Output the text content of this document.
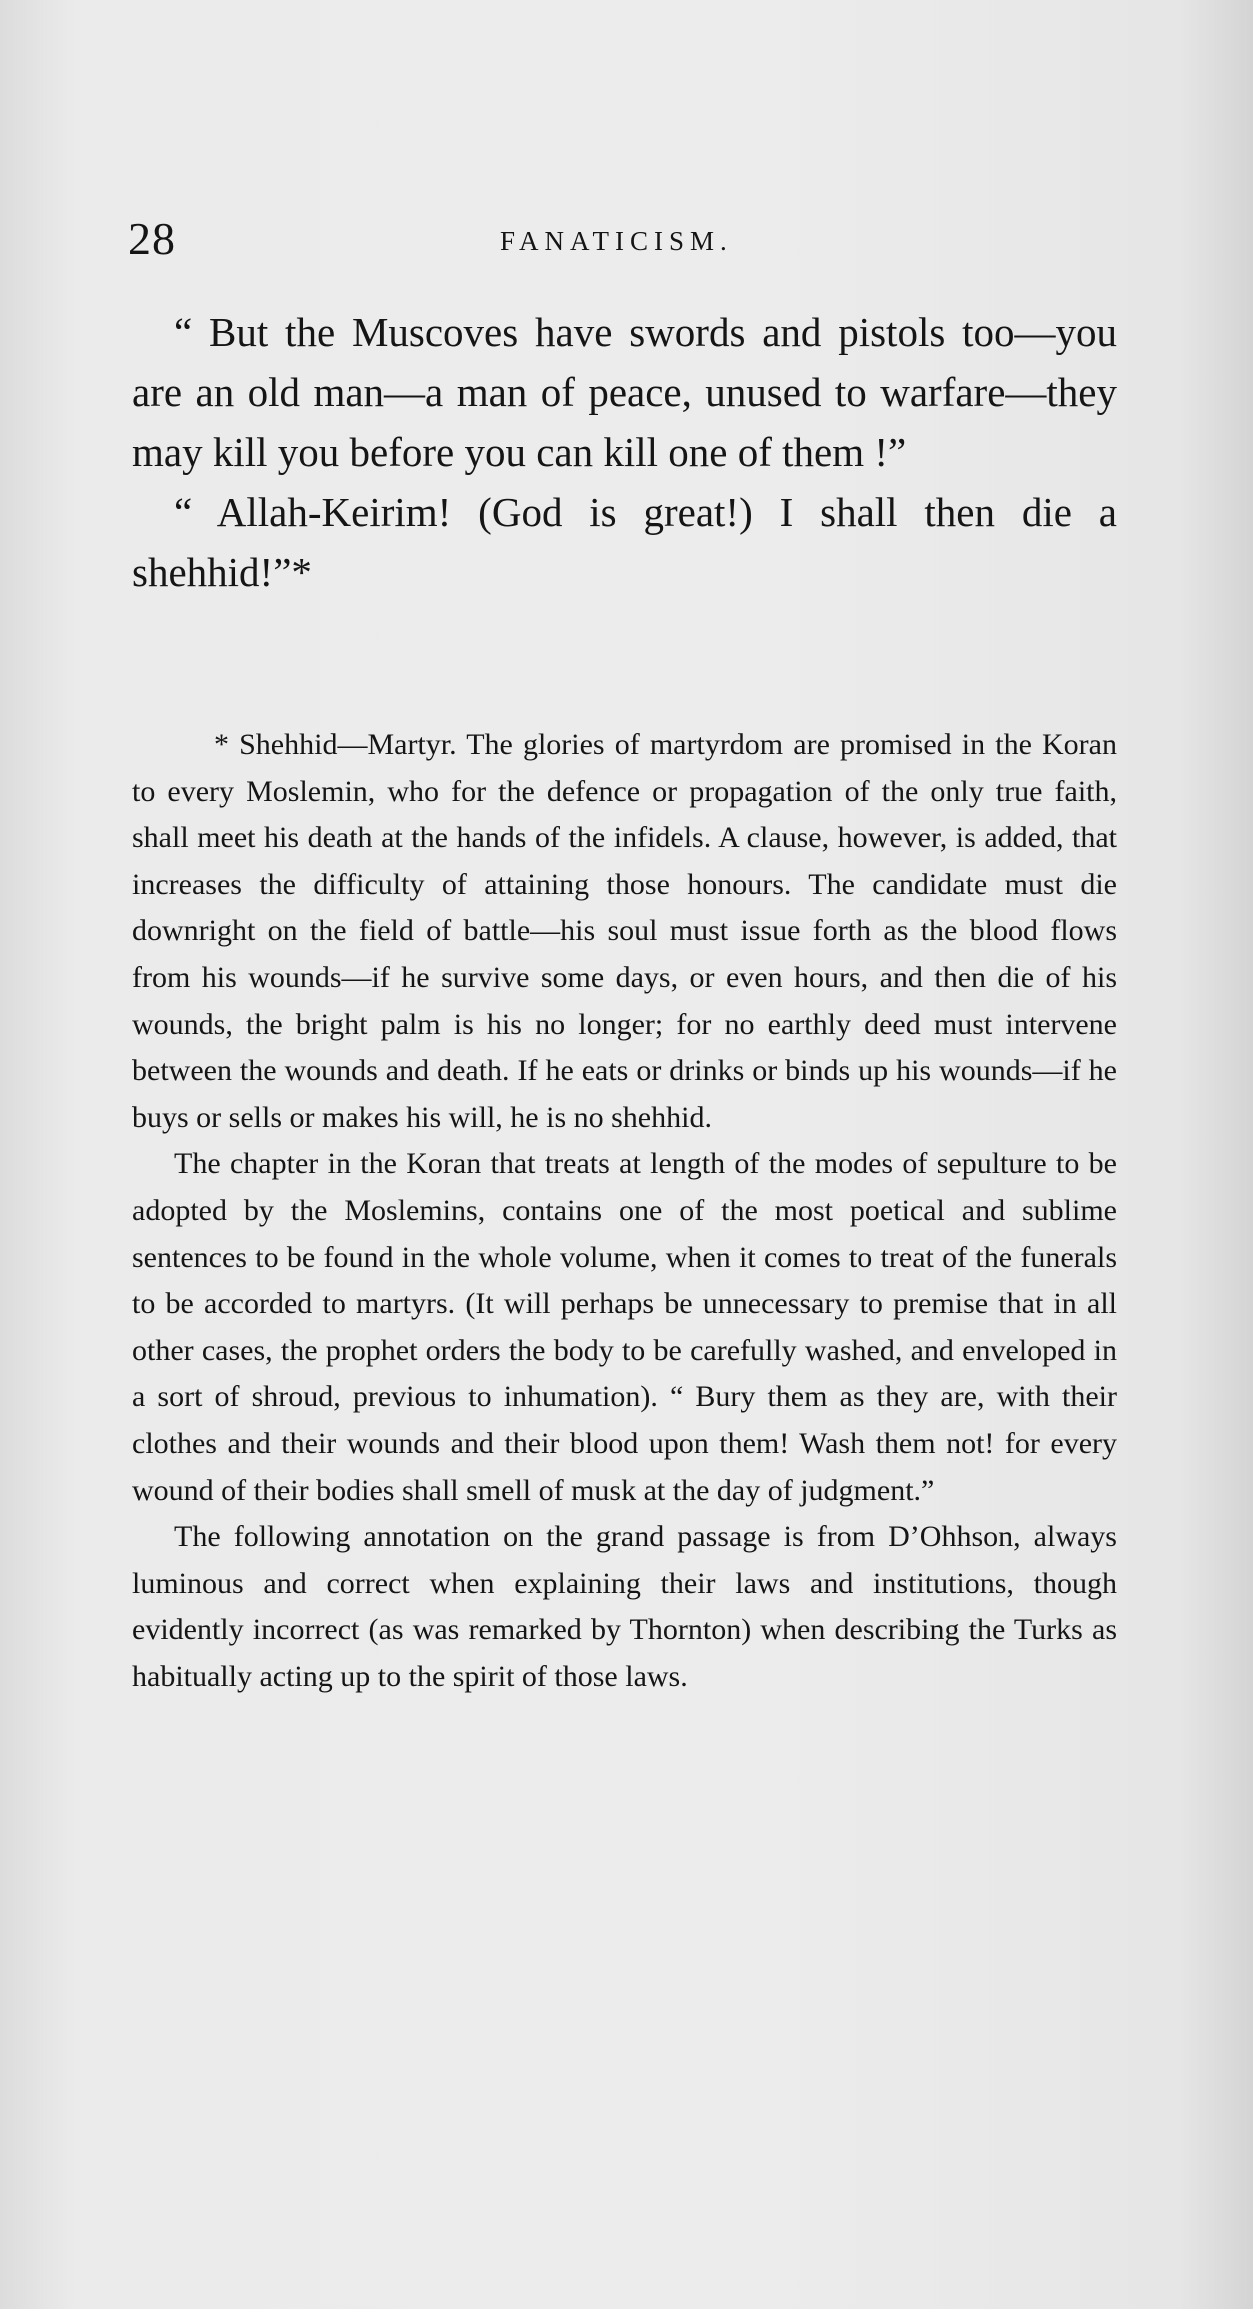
28	FANATICISM.

“ But the Muscoves have swords and pistols too—you are an old man—a man of peace, unused to warfare—they may kill you before you can kill one of them !”

“ Allah-Keirim! (God is great!) I shall then die a shehhid!”*

* Shehhid—Martyr. The glories of martyrdom are promised in the Koran to every Moslemin, who for the defence or propagation of the only true faith, shall meet his death at the hands of the infidels. A clause, however, is added, that increases the difficulty of attaining those honours. The candidate must die downright on the field of battle—his soul must issue forth as the blood flows from his wounds—if he survive some days, or even hours, and then die of his wounds, the bright palm is his no longer; for no earthly deed must intervene between the wounds and death. If he eats or drinks or binds up his wounds—if he buys or sells or makes his will, he is no shehhid.

The chapter in the Koran that treats at length of the modes of sepulture to be adopted by the Moslemins, contains one of the most poetical and sublime sentences to be found in the whole volume, when it comes to treat of the funerals to be accorded to martyrs. (It will perhaps be unnecessary to premise that in all other cases, the prophet orders the body to be carefully washed, and enveloped in a sort of shroud, previous to inhumation). “ Bury them as they are, with their clothes and their wounds and their blood upon them! Wash them not! for every wound of their bodies shall smell of musk at the day of judgment.”

The following annotation on the grand passage is from D’Ohhson, always luminous and correct when explaining their laws and institutions, though evidently incorrect (as was remarked by Thornton) when describing the Turks as habitually acting up to the spirit of those laws.
